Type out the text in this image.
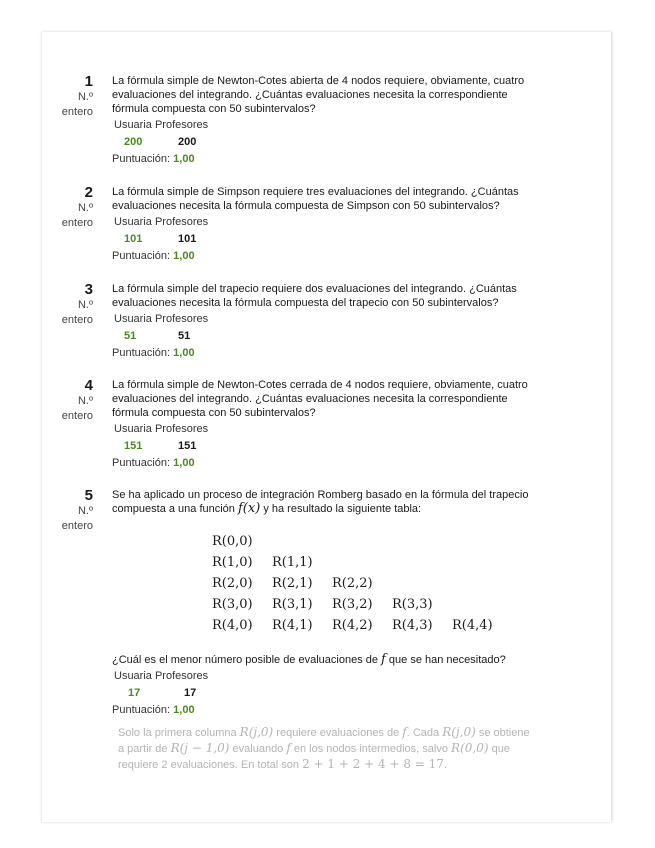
1
N.º
entero

La fórmula simple de Newton-Cotes abierta de 4 nodos requiere, obviamente, cuatro
evaluaciones del integrando. ¿Cuántas evaluaciones necesita la correspondiente
fórmula compuesta con 50 subintervalos?

Usuaria Profesores
200	200
Puntuación: 1,00
2
N.º
entero

La fórmula simple de Simpson requiere tres evaluaciones del integrando. ¿Cuántas
evaluaciones necesita la fórmula compuesta de Simpson con 50 subintervalos?

Usuaria Profesores
101	101
Puntuación: 1,00
3
N.º
entero

La fórmula simple del trapecio requiere dos evaluaciones del integrando. ¿Cuántas
evaluaciones necesita la fórmula compuesta del trapecio con 50 subintervalos?

Usuaria Profesores
51	51
Puntuación: 1,00
4
N.º
entero

La fórmula simple de Newton-Cotes cerrada de 4 nodos requiere, obviamente, cuatro
evaluaciones del integrando. ¿Cuántas evaluaciones necesita la correspondiente
fórmula compuesta con 50 subintervalos?

Usuaria Profesores
151	151
Puntuación: 1,00
5
N.º
entero

Se ha aplicado un proceso de integración Romberg basado en la fórmula del trapecio
compuesta a una función f(x) y ha resultado la siguiente tabla:

R(0,0)
R(1,0) R(1,1)
R(2,0) R(2,1) R(2,2)
R(3,0) R(3,1) R(3,2) R(3,3)
R(4,0) R(4,1) R(4,2) R(4,3) R(4,4)

¿Cuál es el menor número posible de evaluaciones de f que se han necesitado?

Usuaria Profesores
17	17
Puntuación: 1,00

Solo la primera columna R(j,0) requiere evaluaciones de f. Cada R(j,0) se obtiene

a partir de R(j − 1,0) evaluando f en los nodos intermedios, salvo R(0,0) que

requiere 2 evaluaciones. En total son 2 + 1 + 2 + 4 + 8 = 17.
